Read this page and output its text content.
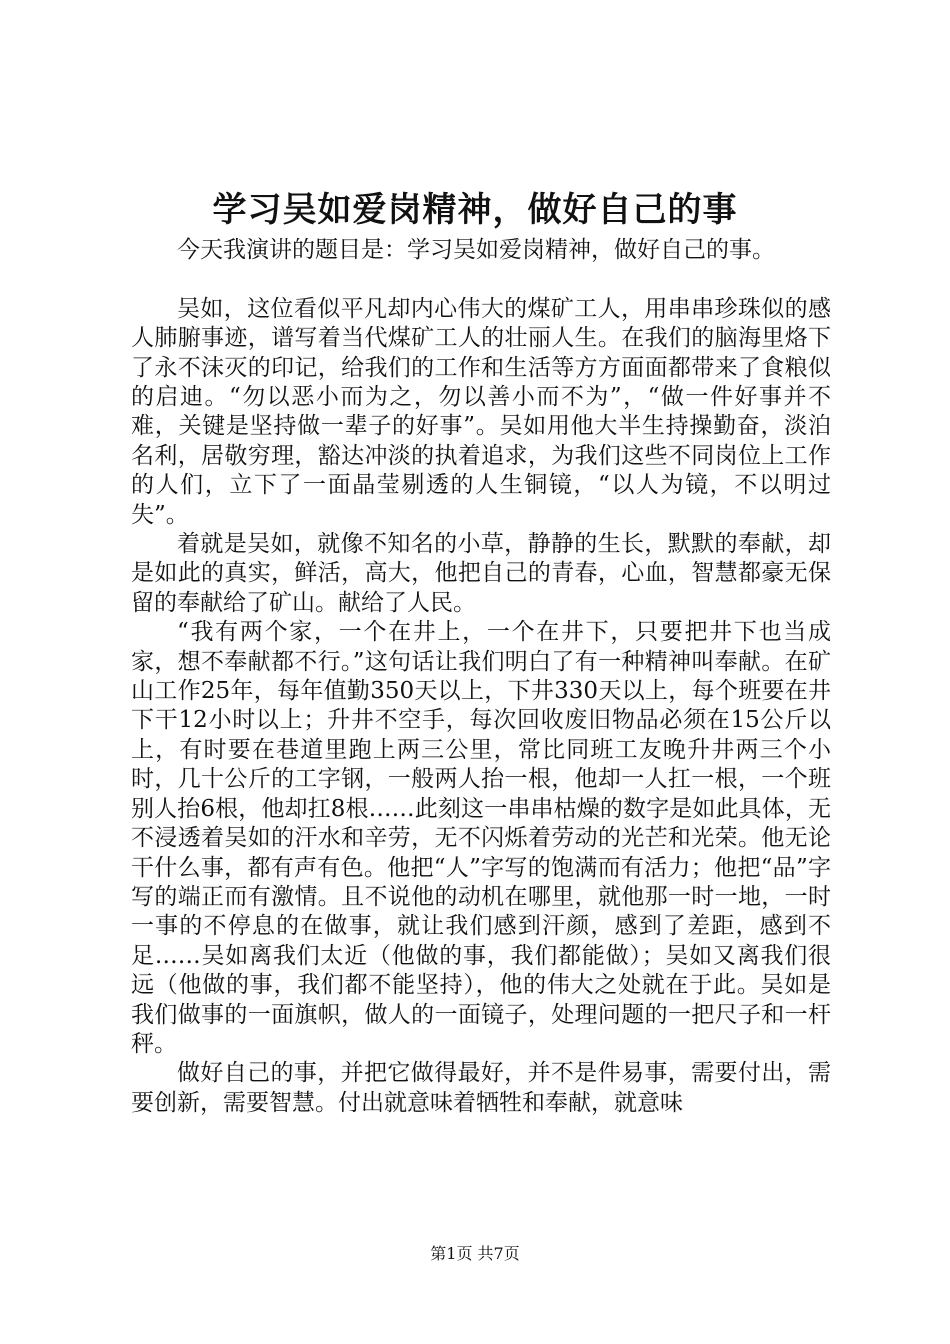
学习吴如爱岗精神，做好自己的事

今天我演讲的题目是：学习吴如爱岗精神，做好自己的事。

吴如，这位看似平凡却内心伟大的煤矿工人，用串串珍珠似的感人肺腑事迹，谱写着当代煤矿工人的壮丽人生。在我们的脑海里烙下了永不沫灭的印记，给我们的工作和生活等方方面面都带来了食粮似的启迪。“勿以恶小而为之，勿以善小而不为”，“做一件好事并不难，关键是坚持做一辈子的好事”。吴如用他大半生持操勤奋，淡泊名利，居敬穷理，豁达冲淡的执着追求，为我们这些不同岗位上工作的人们，立下了一面晶莹剔透的人生铜镜，“以人为镜，不以明过失”。

着就是吴如，就像不知名的小草，静静的生长，默默的奉献，却是如此的真实，鲜活，高大，他把自己的青春，心血，智慧都豪无保留的奉献给了矿山。献给了人民。

“我有两个家，一个在井上，一个在井下，只要把井下也当成家，想不奉献都不行。”这句话让我们明白了有一种精神叫奉献。在矿山工作25年，每年值勤350天以上，下井330天以上，每个班要在井下干12小时以上；升井不空手，每次回收废旧物品必须在15公斤以上，有时要在巷道里跑上两三公里，常比同班工友晚升井两三个小时，几十公斤的工字钢，一般两人抬一根，他却一人扛一根，一个班别人抬6根，他却扛8根……此刻这一串串枯燥的数字是如此具体，无不浸透着吴如的汗水和辛劳，无不闪烁着劳动的光芒和光荣。他无论干什么事，都有声有色。他把“人”字写的饱满而有活力；他把“品”字写的端正而有激情。且不说他的动机在哪里，就他那一时一地，一时一事的不停息的在做事，就让我们感到汗颜，感到了差距，感到不足……吴如离我们太近（他做的事，我们都能做）；吴如又离我们很远（他做的事，我们都不能坚持），他的伟大之处就在于此。吴如是我们做事的一面旗帜，做人的一面镜子，处理问题的一把尺子和一杆秤。

做好自己的事，并把它做得最好，并不是件易事，需要付出，需要创新，需要智慧。付出就意味着牺牲和奉献，就意味

第1页 共7页
